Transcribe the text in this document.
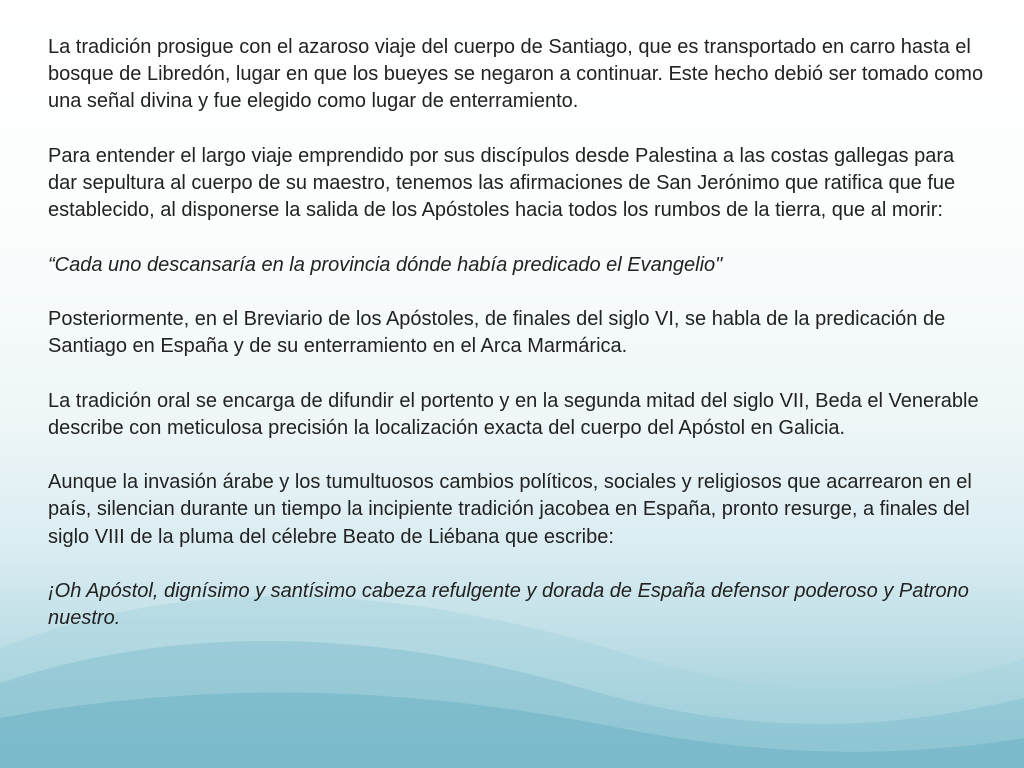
La tradición prosigue con el azaroso viaje del cuerpo de Santiago, que es transportado en carro hasta el bosque de Libredón, lugar en que los bueyes se negaron a continuar. Este hecho debió ser tomado como una señal divina y fue elegido como lugar de enterramiento.

Para entender el largo viaje emprendido por sus discípulos desde Palestina a las costas gallegas para dar sepultura al cuerpo de su maestro, tenemos las afirmaciones de San Jerónimo que ratifica que fue establecido, al disponerse la salida de los Apóstoles hacia todos los rumbos de la tierra, que al morir:

“Cada uno descansaría en la provincia dónde había predicado el Evangelio"

Posteriormente, en el Breviario de los Apóstoles, de finales del siglo VI, se habla de la predicación de Santiago en España y de su enterramiento en el Arca Marmárica.

La tradición oral se encarga de difundir el portento y en la segunda mitad del siglo VII, Beda el Venerable describe con meticulosa precisión la localización exacta del cuerpo del Apóstol en Galicia.

Aunque la invasión árabe y los tumultuosos cambios políticos, sociales y religiosos que acarrearon en el país, silencian durante un tiempo la incipiente tradición jacobea en España, pronto resurge, a finales del siglo VIII de la pluma del célebre Beato de Liébana que escribe:

¡Oh Apóstol, dignísimo y santísimo cabeza refulgente y dorada de España defensor poderoso y Patrono nuestro.
